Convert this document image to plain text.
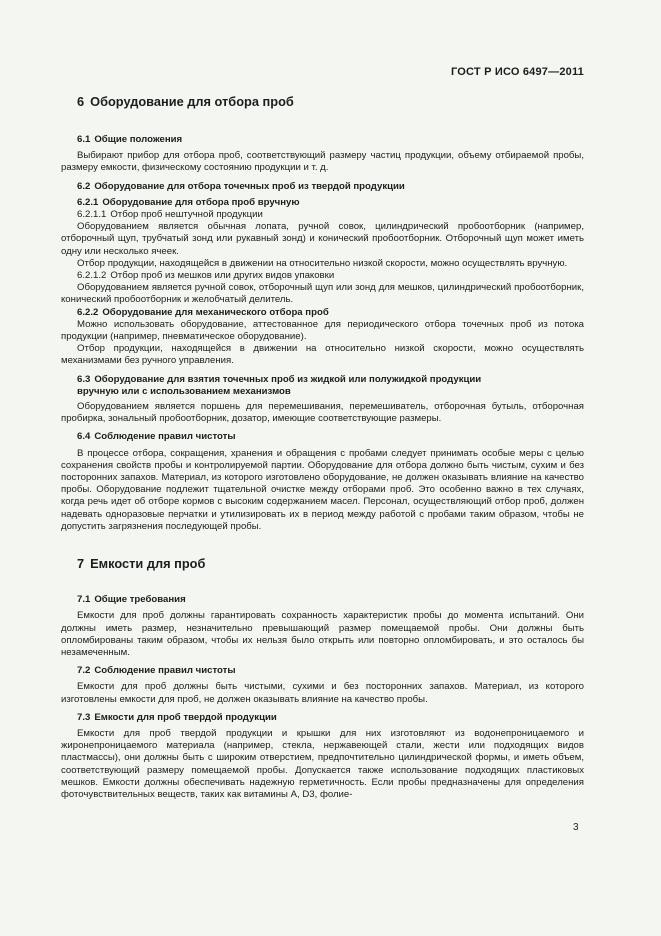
ГОСТ Р ИСО 6497—2011
6 Оборудование для отбора проб
6.1 Общие положения

Выбирают прибор для отбора проб, соответствующий размеру частиц продукции, объему отбираемой пробы, размеру емкости, физическому состоянию продукции и т. д.

6.2 Оборудование для отбора точечных проб из твердой продукции
6.2.1 Оборудование для отбора проб вручную
6.2.1.1 Отбор проб нештучной продукции

Оборудованием является обычная лопата, ручной совок, цилиндрический пробоотборник (например, отборочный щуп, трубчатый зонд или рукавный зонд) и конический пробоотборник. Отборочный щуп может иметь одну или несколько ячеек.

Отбор продукции, находящейся в движении на относительно низкой скорости, можно осуществлять вручную.

6.2.1.2 Отбор проб из мешков или других видов упаковки

Оборудованием является ручной совок, отборочный щуп или зонд для мешков, цилиндрический пробоотборник, конический пробоотборник и желобчатый делитель.

6.2.2 Оборудование для механического отбора проб

Можно использовать оборудование, аттестованное для периодического отбора точечных проб из потока продукции (например, пневматическое оборудование).

Отбор продукции, находящейся в движении на относительно низкой скорости, можно осуществлять механизмами без ручного управления.

6.3 Оборудование для взятия точечных проб из жидкой или полужидкой продукции
вручную или с использованием механизмов

Оборудованием является поршень для перемешивания, перемешиватель, отборочная бутыль, отборочная пробирка, зональный пробоотборник, дозатор, имеющие соответствующие размеры.

6.4 Соблюдение правил чистоты

В процессе отбора, сокращения, хранения и обращения с пробами следует принимать особые меры с целью сохранения свойств пробы и контролируемой партии. Оборудование для отбора должно быть чистым, сухим и без посторонних запахов. Материал, из которого изготовлено оборудование, не должен оказывать влияние на качество пробы. Оборудование подлежит тщательной очистке между отборами проб. Это особенно важно в тех случаях, когда речь идет об отборе кормов с высоким содержанием масел. Персонал, осуществляющий отбор проб, должен надевать одноразовые перчатки и утилизировать их в период между работой с пробами таким образом, чтобы не допустить загрязнения последующей пробы.

7 Емкости для проб
7.1 Общие требования

Емкости для проб должны гарантировать сохранность характеристик пробы до момента испытаний. Они должны иметь размер, незначительно превышающий размер помещаемой пробы. Они должны быть опломбированы таким образом, чтобы их нельзя было открыть или повторно опломбировать, и это осталось бы незамеченным.

7.2 Соблюдение правил чистоты

Емкости для проб должны быть чистыми, сухими и без посторонних запахов. Материал, из которого изготовлены емкости для проб, не должен оказывать влияние на качество пробы.

7.3 Емкости для проб твердой продукции

Емкости для проб твердой продукции и крышки для них изготовляют из водонепроницаемого и жиронепроницаемого материала (например, стекла, нержавеющей стали, жести или подходящих видов пластмассы), они должны быть с широким отверстием, предпочтительно цилиндрической формы, и иметь объем, соответствующий размеру помещаемой пробы. Допускается также использование подходящих пластиковых мешков. Емкости должны обеспечивать надежную герметичность. Если пробы предназначены для определения фоточувствительных веществ, таких как витамины A, D3, фолие-

3
